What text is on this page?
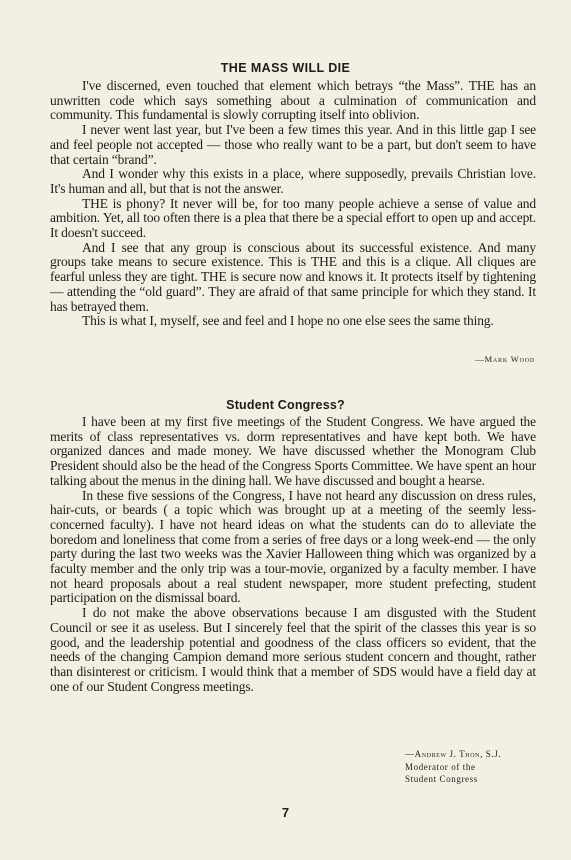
THE MASS WILL DIE

I've discerned, even touched that element which betrays “the Mass”. THE has an unwritten code which says something about a culmination of communication and community. This fundamental is slowly corrupting itself into oblivion.

I never went last year, but I've been a few times this year. And in this little gap I see and feel people not accepted — those who really want to be a part, but don't seem to have that certain “brand”.

And I wonder why this exists in a place, where supposedly, prevails Christian love. It's human and all, but that is not the answer.

THE is phony? It never will be, for too many people achieve a sense of value and ambition. Yet, all too often there is a plea that there be a special effort to open up and accept. It doesn't succeed.

And I see that any group is conscious about its successful existence. And many groups take means to secure existence. This is THE and this is a clique. All cliques are fearful unless they are tight. THE is secure now and knows it. It protects itself by tightening — attending the “old guard”. They are afraid of that same principle for which they stand. It has betrayed them.

This is what I, myself, see and feel and I hope no one else sees the same thing.

—Mark Wood
Student Congress?

I have been at my first five meetings of the Student Congress. We have argued the merits of class representatives vs. dorm representatives and have kept both. We have organized dances and made money. We have discussed whether the Monogram Club President should also be the head of the Congress Sports Committee. We have spent an hour talking about the menus in the dining hall. We have discussed and bought a hearse.

In these five sessions of the Congress, I have not heard any discussion on dress rules, hair-cuts, or beards ( a topic which was brought up at a meeting of the seemly less-concerned faculty). I have not heard ideas on what the students can do to alleviate the boredom and loneliness that come from a series of free days or a long week-end — the only party during the last two weeks was the Xavier Halloween thing which was organized by a faculty member and the only trip was a tour-movie, organized by a faculty member. I have not heard proposals about a real student newspaper, more student prefecting, student participation on the dismissal board.

I do not make the above observations because I am disgusted with the Student Council or see it as useless. But I sincerely feel that the spirit of the classes this year is so good, and the leadership potential and goodness of the class officers so evident, that the needs of the changing Campion demand more serious student concern and thought, rather than disinterest or criticism. I would think that a member of SDS would have a field day at one of our Student Congress meetings.

—Andrew J. Thon, S.J.
Moderator of the
Student Congress
7
